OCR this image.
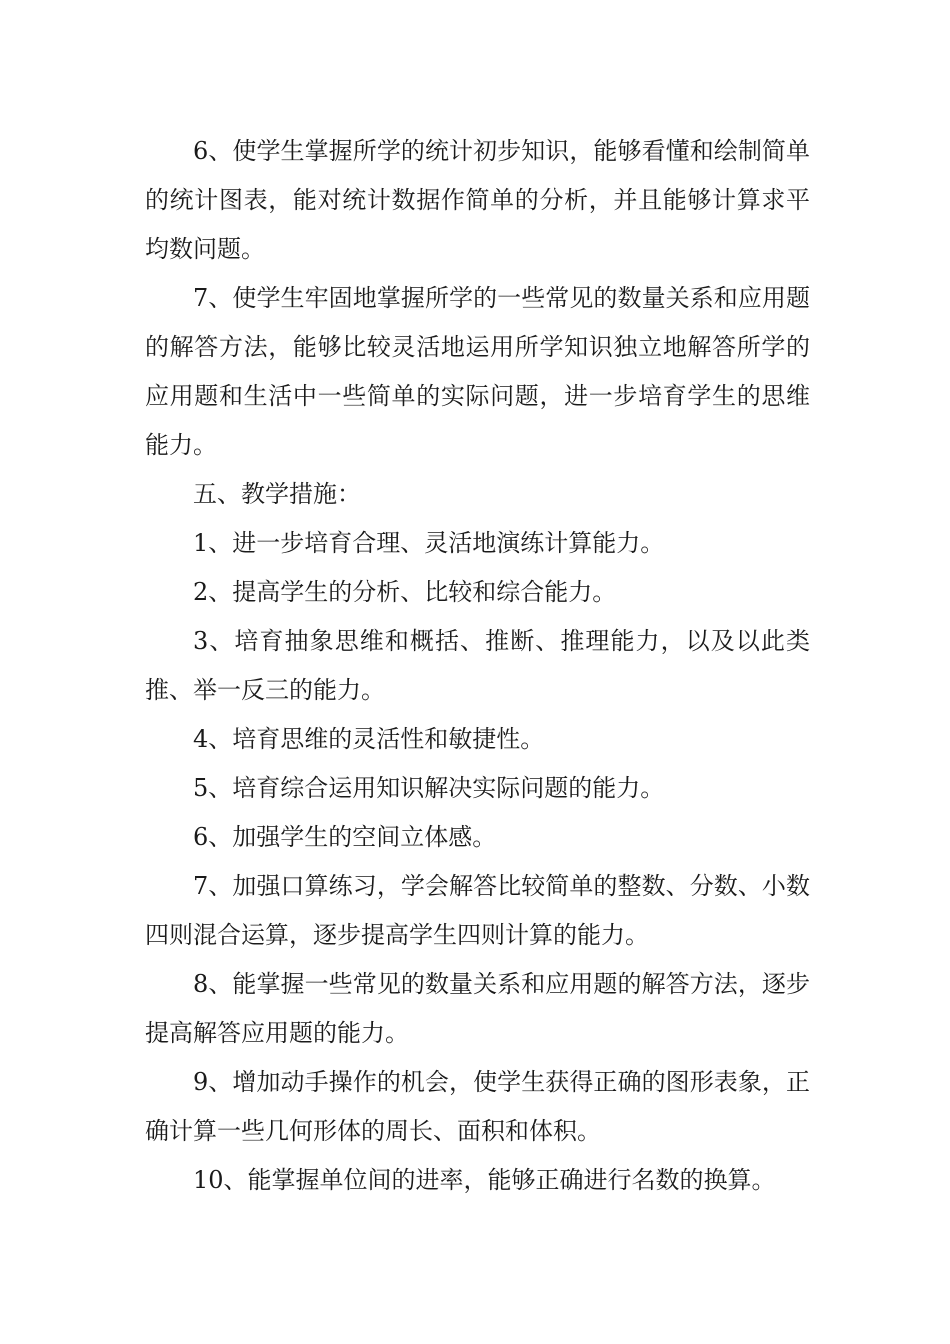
6、使学生掌握所学的统计初步知识，能够看懂和绘制简单的统计图表，能对统计数据作简单的分析，并且能够计算求平均数问题。

7、使学生牢固地掌握所学的一些常见的数量关系和应用题的解答方法，能够比较灵活地运用所学知识独立地解答所学的应用题和生活中一些简单的实际问题，进一步培育学生的思维能力。

五、教学措施：

1、进一步培育合理、灵活地演练计算能力。

2、提高学生的分析、比较和综合能力。

3、培育抽象思维和概括、推断、推理能力，以及以此类推、举一反三的能力。

4、培育思维的灵活性和敏捷性。

5、培育综合运用知识解决实际问题的能力。

6、加强学生的空间立体感。

7、加强口算练习，学会解答比较简单的整数、分数、小数四则混合运算，逐步提高学生四则计算的能力。

8、能掌握一些常见的数量关系和应用题的解答方法，逐步提高解答应用题的能力。

9、增加动手操作的机会，使学生获得正确的图形表象，正确计算一些几何形体的周长、面积和体积。

10、能掌握单位间的进率，能够正确进行名数的换算。
